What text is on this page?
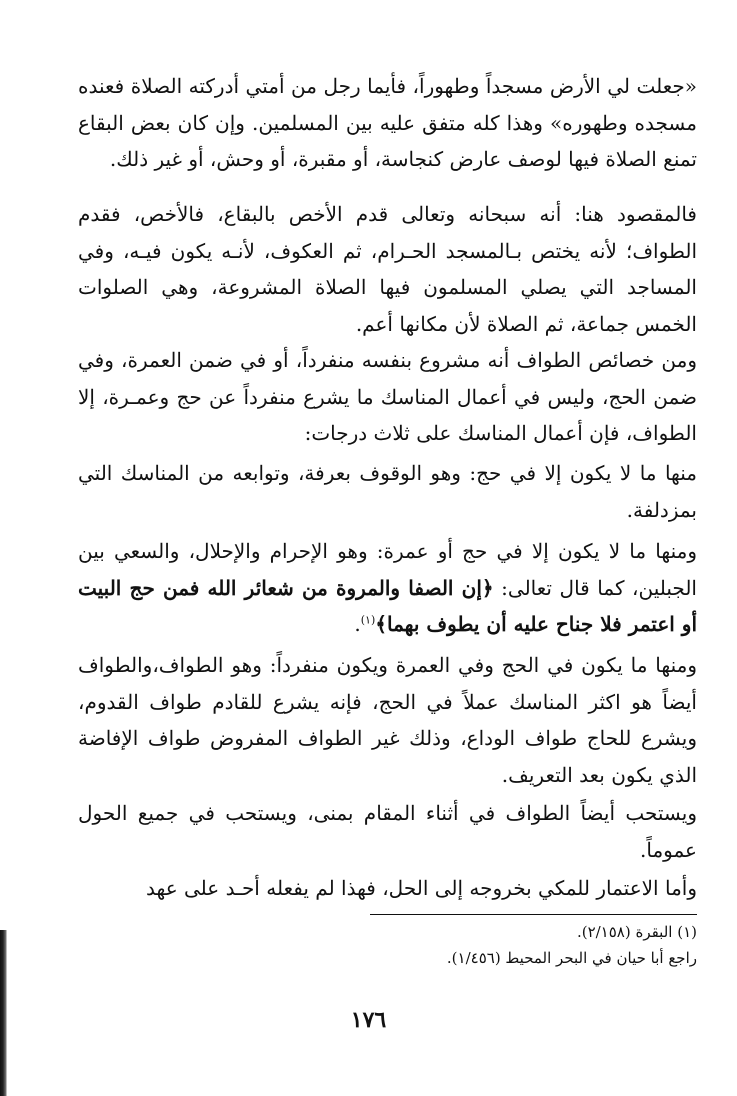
«جعلت لي الأرض مسجداً وطهوراً، فأيما رجل من أمتي أدركته الصلاة فعنده مسجده وطهوره» وهذا كله متفق عليه بين المسلمين. وإن كان بعض البقاع تمنع الصلاة فيها لوصف عارض كنجاسة، أو مقبرة، أو وحش، أو غير ذلك.

فالمقصود هنا: أنه سبحانه وتعالى قدم الأخص بالبقاع، فالأخص، فقدم الطواف؛ لأنه يختص بـالمسجد الحـرام، ثم العكوف، لأنـه يكون فيـه، وفي المساجد التي يصلي المسلمون فيها الصلاة المشروعة، وهي الصلوات الخمس جماعة، ثم الصلاة لأن مكانها أعم.

ومن خصائص الطواف أنه مشروع بنفسه منفرداً، أو في ضمن العمرة، وفي ضمن الحج، وليس في أعمال المناسك ما يشرع منفرداً عن حج وعمـرة، إلا الطواف، فإن أعمال المناسك على ثلاث درجات:

منها ما لا يكون إلا في حج: وهو الوقوف بعرفة، وتوابعه من المناسك التي بمزدلفة.

ومنها ما لا يكون إلا في حج أو عمرة: وهو الإحرام والإحلال، والسعي بين الجبلين، كما قال تعالى: ﴿إن الصفا والمروة من شعائر الله فمن حج البيت أو اعتمر فلا جناح عليه أن يطوف بهما﴾$^{(١)}$.

ومنها ما يكون في الحج وفي العمرة ويكون منفرداً: وهو الطواف،والطواف أيضاً هو اكثر المناسك عملاً في الحج، فإنه يشرع للقادم طواف القدوم، ويشرع للحاج طواف الوداع، وذلك غير الطواف المفروض طواف الإفاضة الذي يكون بعد التعريف.

ويستحب أيضاً الطواف في أثناء المقام بمنى، ويستحب في جميع الحول عموماً.

وأما الاعتمار للمكي بخروجه إلى الحل، فهذا لم يفعله أحـد على عهد

(١) البقرة (٢/١٥٨).
راجع أبا حيان في البحر المحيط (١/٤٥٦).
١٧٦
